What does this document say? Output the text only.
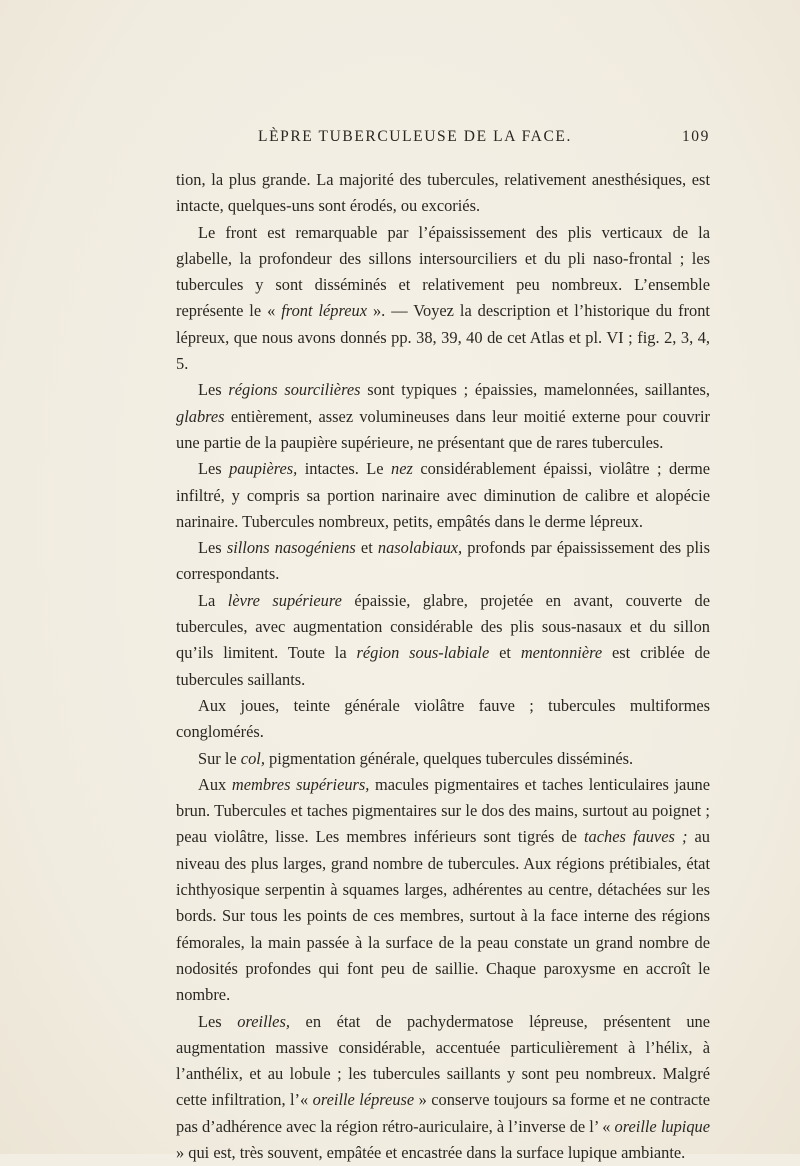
LÈPRE TUBERCULEUSE DE LA FACE.	109

tion, la plus grande. La majorité des tubercules, relativement anesthésiques, est intacte, quelques-uns sont érodés, ou excoriés.

Le front est remarquable par l’épaississement des plis verticaux de la glabelle, la profondeur des sillons intersourciliers et du pli naso-frontal ; les tubercules y sont disséminés et relativement peu nombreux. L’ensemble représente le « front lépreux ». — Voyez la description et l’historique du front lépreux, que nous avons donnés pp. 38, 39, 40 de cet Atlas et pl. VI ; fig. 2, 3, 4, 5.

Les régions sourcilières sont typiques ; épaissies, mamelonnées, saillantes, glabres entièrement, assez volumineuses dans leur moitié externe pour couvrir une partie de la paupière supérieure, ne présentant que de rares tubercules.

Les paupières, intactes. Le nez considérablement épaissi, violâtre ; derme infiltré, y compris sa portion narinaire avec diminution de calibre et alopécie narinaire. Tubercules nombreux, petits, empâtés dans le derme lépreux.

Les sillons nasogéniens et nasolabiaux, profonds par épaississement des plis correspondants.

La lèvre supérieure épaissie, glabre, projetée en avant, couverte de tubercules, avec augmentation considérable des plis sous-nasaux et du sillon qu’ils limitent. Toute la région sous-labiale et mentonnière est criblée de tubercules saillants.

Aux joues, teinte générale violâtre fauve ; tubercules multiformes conglomérés.

Sur le col, pigmentation générale, quelques tubercules disséminés.

Aux membres supérieurs, macules pigmentaires et taches lenticulaires jaune brun. Tubercules et taches pigmentaires sur le dos des mains, surtout au poignet ; peau violâtre, lisse. Les membres inférieurs sont tigrés de taches fauves ; au niveau des plus larges, grand nombre de tubercules. Aux régions prétibiales, état ichthyosique serpentin à squames larges, adhérentes au centre, détachées sur les bords. Sur tous les points de ces membres, surtout à la face interne des régions fémorales, la main passée à la surface de la peau constate un grand nombre de nodosités profondes qui font peu de saillie. Chaque paroxysme en accroît le nombre.

Les oreilles, en état de pachydermatose lépreuse, présentent une augmentation massive considérable, accentuée particulièrement à l’hélix, à l’anthélix, et au lobule ; les tubercules saillants y sont peu nombreux. Malgré cette infiltration, l’« oreille lépreuse » conserve toujours sa forme et ne contracte pas d’adhérence avec la région rétro-auriculaire, à l’inverse de l’ « oreille lupique » qui est, très souvent, empâtée et encastrée dans la surface lupique ambiante.
